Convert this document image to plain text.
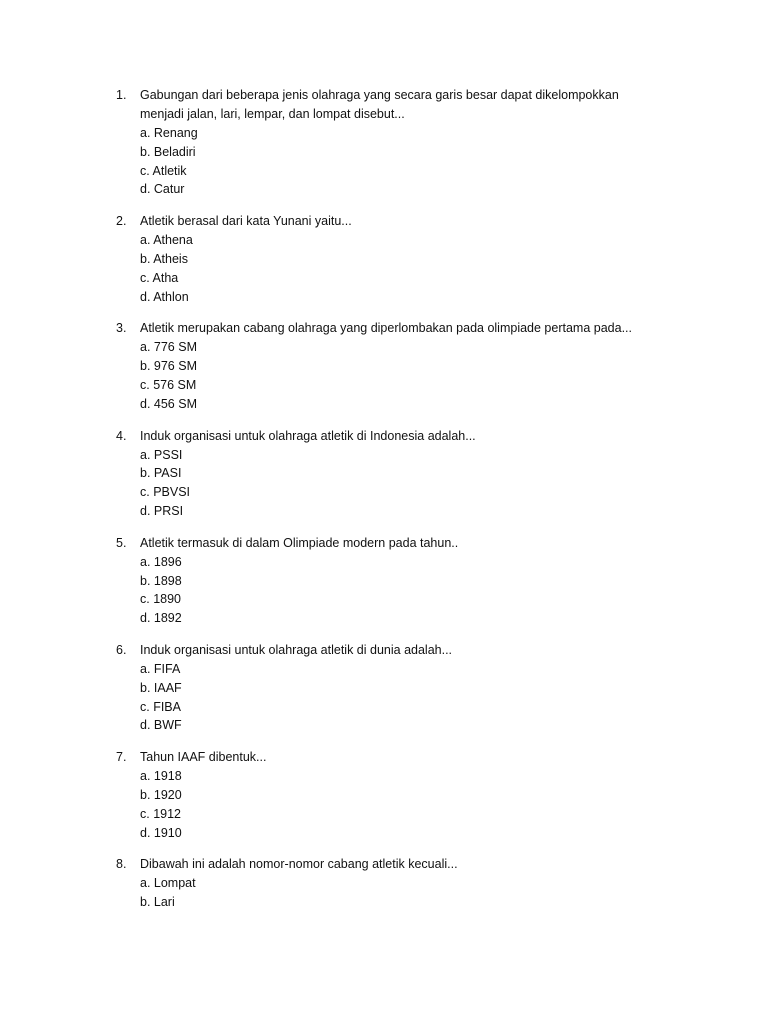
1.	Gabungan dari beberapa jenis olahraga yang secara garis besar dapat dikelompokkan menjadi jalan, lari, lempar, dan lompat disebut...
a. Renang
b. Beladiri
c. Atletik
d. Catur
2.	Atletik berasal dari kata Yunani yaitu...
a. Athena
b. Atheis
c. Atha
d. Athlon
3.	Atletik merupakan cabang olahraga yang diperlombakan pada olimpiade pertama pada...
a. 776 SM
b. 976 SM
c. 576 SM
d. 456 SM
4.	Induk organisasi untuk olahraga atletik di Indonesia adalah...
a. PSSI
b. PASI
c. PBVSI
d. PRSI
5.	Atletik termasuk di dalam Olimpiade modern pada tahun..
a. 1896
b. 1898
c. 1890
d. 1892
6.	Induk organisasi untuk olahraga atletik di dunia adalah...
a. FIFA
b. IAAF
c. FIBA
d. BWF
7.	Tahun IAAF dibentuk...
a. 1918
b. 1920
c. 1912
d. 1910
8.	Dibawah ini adalah nomor-nomor cabang atletik kecuali...
a. Lompat
b. Lari
